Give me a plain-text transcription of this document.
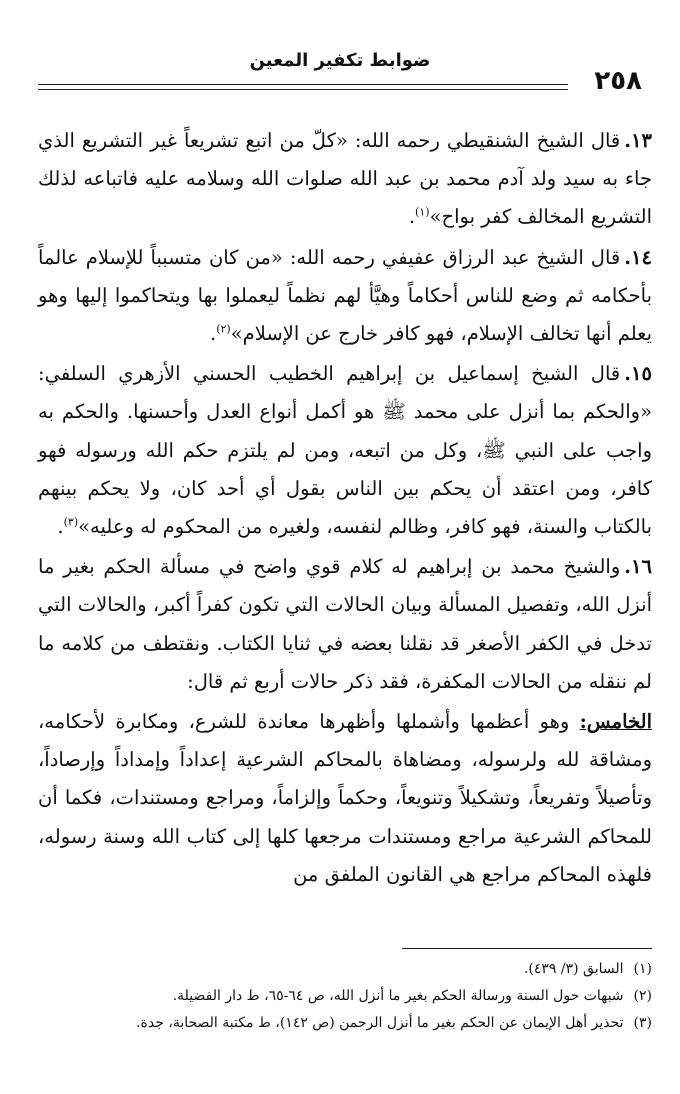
ضوابط تكفير المعين
٢٥٨

١٣.قال الشيخ الشنقيطي رحمه الله: «كلّ من اتبع تشريعاً غير التشريع الذي جاء به سيد ولد آدم محمد بن عبد الله صلوات الله وسلامه عليه فاتباعه لذلك التشريع المخالف كفر بواح»$^{(١)}$.

١٤.قال الشيخ عبد الرزاق عفيفي رحمه الله: «من كان متسبباً للإسلام عالماً بأحكامه ثم وضع للناس أحكاماً وهيَّأ لهم نظماً ليعملوا بها ويتحاكموا إليها وهو يعلم أنها تخالف الإسلام، فهو كافر خارج عن الإسلام»$^{(٢)}$.

١٥.قال الشيخ إسماعيل بن إبراهيم الخطيب الحسني الأزهري السلفي: «والحكم بما أنزل على محمد ﷺ هو أكمل أنواع العدل وأحسنها. والحكم به واجب على النبي ﷺ، وكل من اتبعه، ومن لم يلتزم حكم الله ورسوله فهو كافر، ومن اعتقد أن يحكم بين الناس بقول أي أحد كان، ولا يحكم بينهم بالكتاب والسنة، فهو كافر، وظالم لنفسه، ولغيره من المحكوم له وعليه»$^{(٣)}$.

١٦.والشيخ محمد بن إبراهيم له كلام قوي واضح في مسألة الحكم بغير ما أنزل الله، وتفصيل المسألة وبيان الحالات التي تكون كفراً أكبر، والحالات التي تدخل في الكفر الأصغر قد نقلنا بعضه في ثنايا الكتاب. ونقتطف من كلامه ما لم ننقله من الحالات المكفرة، فقد ذكر حالات أربع ثم قال:

الخامس: وهو أعظمها وأشملها وأظهرها معاندة للشرع، ومكابرة لأحكامه، ومشاقة لله ولرسوله، ومضاهاة بالمحاكم الشرعية إعداداً وإمداداً وإرصاداً، وتأصيلاً وتفريعاً، وتشكيلاً وتنويعاً، وحكماً وإلزاماً، ومراجع ومستندات، فكما أن للمحاكم الشرعية مراجع ومستندات مرجعها كلها إلى كتاب الله وسنة رسوله، فلهذه المحاكم مراجع هي القانون الملفق من

(١)السابق (٣/ ٤٣٩).
(٢)شبهات حول السنة ورسالة الحكم بغير ما أنزل الله، ص ٦٤-٦٥، ط دار الفضيلة.
(٣)تحذير أهل الإيمان عن الحكم بغير ما أنزل الرحمن (ص ١٤٢)، ط مكتبة الصحابة، جدة.
